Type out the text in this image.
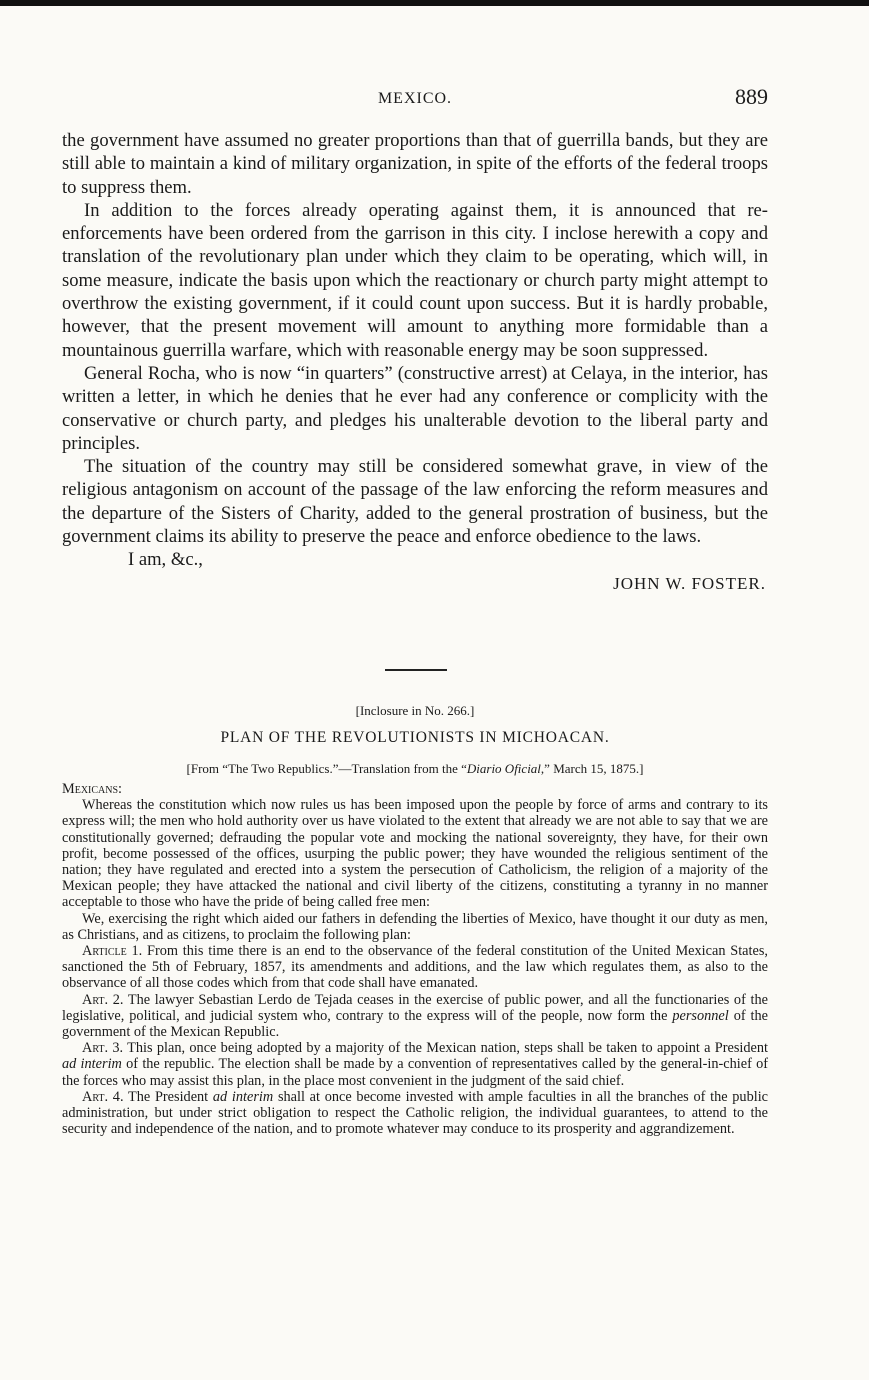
MEXICO.	889

the government have assumed no greater proportions than that of guerrilla bands, but they are still able to maintain a kind of military organization, in spite of the efforts of the federal troops to suppress them.

In addition to the forces already operating against them, it is announced that re-enforcements have been ordered from the garrison in this city. I inclose herewith a copy and translation of the revolutionary plan under which they claim to be operating, which will, in some measure, indicate the basis upon which the reactionary or church party might attempt to overthrow the existing government, if it could count upon success. But it is hardly probable, however, that the present movement will amount to anything more formidable than a mountainous guerrilla warfare, which with reasonable energy may be soon suppressed.

General Rocha, who is now “in quarters” (constructive arrest) at Celaya, in the interior, has written a letter, in which he denies that he ever had any conference or complicity with the conservative or church party, and pledges his unalterable devotion to the liberal party and principles.

The situation of the country may still be considered somewhat grave, in view of the religious antagonism on account of the passage of the law enforcing the reform measures and the departure of the Sisters of Charity, added to the general prostration of business, but the government claims its ability to preserve the peace and enforce obedience to the laws.

I am, &c.,

JOHN W. FOSTER.

[Inclosure in No. 266.]
PLAN OF THE REVOLUTIONISTS IN MICHOACAN.
[From “The Two Republics.”—Translation from the “Diario Oficial,” March 15, 1875.]

Mexicans:

Whereas the constitution which now rules us has been imposed upon the people by force of arms and contrary to its express will; the men who hold authority over us have violated to the extent that already we are not able to say that we are constitutionally governed; defrauding the popular vote and mocking the national sovereignty, they have, for their own profit, become possessed of the offices, usurping the public power; they have wounded the religious sentiment of the nation; they have regulated and erected into a system the persecution of Catholicism, the religion of a majority of the Mexican people; they have attacked the national and civil liberty of the citizens, constituting a tyranny in no manner acceptable to those who have the pride of being called free men:

We, exercising the right which aided our fathers in defending the liberties of Mexico, have thought it our duty as men, as Christians, and as citizens, to proclaim the following plan:

Article 1. From this time there is an end to the observance of the federal constitution of the United Mexican States, sanctioned the 5th of February, 1857, its amendments and additions, and the law which regulates them, as also to the observance of all those codes which from that code shall have emanated.

Art. 2. The lawyer Sebastian Lerdo de Tejada ceases in the exercise of public power, and all the functionaries of the legislative, political, and judicial system who, contrary to the express will of the people, now form the personnel of the government of the Mexican Republic.

Art. 3. This plan, once being adopted by a majority of the Mexican nation, steps shall be taken to appoint a President ad interim of the republic. The election shall be made by a convention of representatives called by the general-in-chief of the forces who may assist this plan, in the place most convenient in the judgment of the said chief.

Art. 4. The President ad interim shall at once become invested with ample faculties in all the branches of the public administration, but under strict obligation to respect the Catholic religion, the individual guarantees, to attend to the security and independence of the nation, and to promote whatever may conduce to its prosperity and aggrandizement.
